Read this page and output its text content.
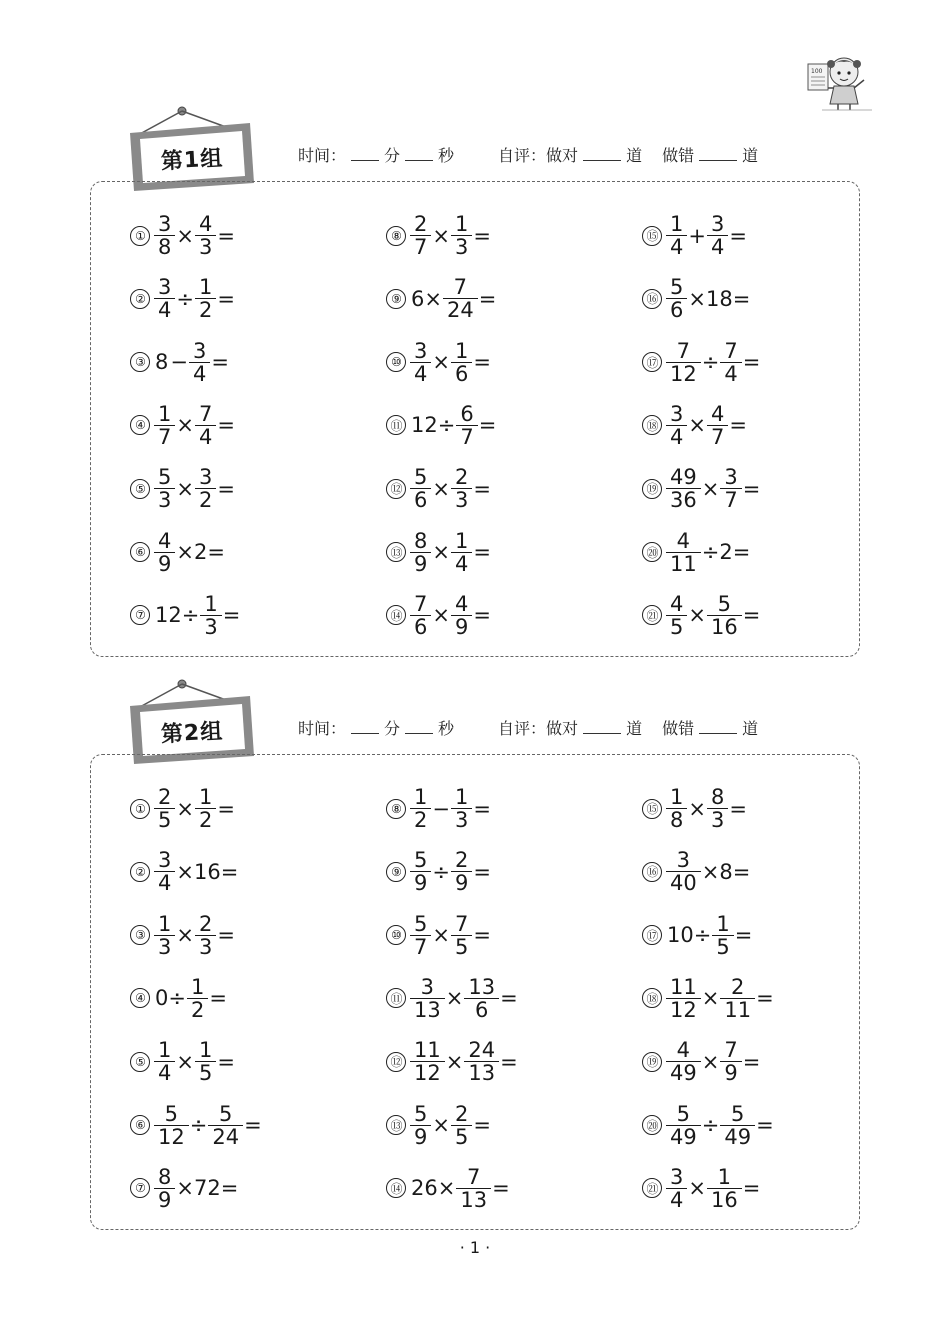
100
第1组	时间： 分 秒	自评：做对	道 做错	道
① $\frac{3}{8} \times \frac{4}{3}$ =
② $\frac{3}{4} \div \frac{1}{2}$ =
③ $8 - \frac{3}{4}$ =
④ $\frac{1}{7} \times \frac{7}{4}$ =
⑤ $\frac{5}{3} \times \frac{3}{2}$ =
⑥ $\frac{4}{9} \times 2=$
⑦ $12\div \frac{1}{3}$ =
⑧ $\frac{2}{7} \times \frac{1}{3}$ =
⑨ $6\times \frac{7}{24}$ =
⑩ $\frac{3}{4} \times \frac{1}{6}$ =
⑪ $12\div \frac{6}{7}$ =
⑫ $\frac{5}{6} \times \frac{2}{3}$ =
⑬ $\frac{8}{9} \times \frac{1}{4}$ =
⑭ $\frac{7}{6} \times \frac{4}{9}$ =
⑮ $\frac{1}{4} + \frac{3}{4}$ =
⑯ $\frac{5}{6} \times 18=$
⑰ $\frac{7}{12} \div \frac{7}{4}$ =
⑱ $\frac{3}{4} \times \frac{4}{7}$ =
⑲ $\frac{49}{36} \times \frac{3}{7}$ =
⑳ $\frac{4}{11} \div 2=$
㉑ $\frac{4}{5} \times \frac{5}{16}$ =
第2组	时间： 分 秒	自评：做对	道 做错	道
① $\frac{2}{5} \times \frac{1}{2}$ =
② $\frac{3}{4} \times 16=$
③ $\frac{1}{3} \times \frac{2}{3}$ =
④ $0\div \frac{1}{2}$ =
⑤ $\frac{1}{4} \times \frac{1}{5}$ =
⑥ $\frac{5}{12} \div \frac{5}{24}$ =
⑦ $\frac{8}{9} \times 72=$
⑧ $\frac{1}{2} - \frac{1}{3}$ =
⑨ $\frac{5}{9} \div \frac{2}{9}$ =
⑩ $\frac{5}{7} \times \frac{7}{5}$ =
⑪ $\frac{3}{13} \times \frac{13}{6}$ =
⑫ $\frac{11}{12} \times \frac{24}{13}$ =
⑬ $\frac{5}{9} \times \frac{2}{5}$ =
⑭ $26\times \frac{7}{13}$ =
⑮ $\frac{1}{8} \times \frac{8}{3}$ =
⑯ $\frac{3}{40} \times 8=$
⑰ $10\div \frac{1}{5}$ =
⑱ $\frac{11}{12} \times \frac{2}{11}$ =
⑲ $\frac{4}{49} \times \frac{7}{9}$ =
⑳ $\frac{5}{49} \div \frac{5}{49}$ =
㉑ $\frac{3}{4} \times \frac{1}{16}$ =
· 1 ·
